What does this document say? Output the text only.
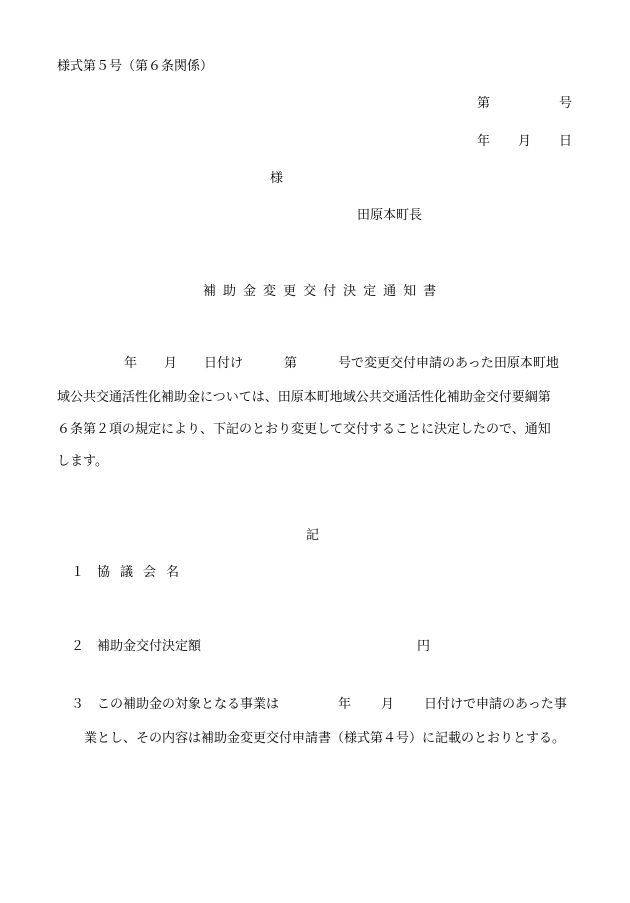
様式第５号（第６条関係）
第	号
年 月 日
様
田原本町長
補 助 金 変 更 交 付 決 定 通 知 書
年 月 日付け	第	号で変更交付申請のあった田原本町地
域公共交通活性化補助金については、田原本町地域公共交通活性化補助金交付要綱第
６条第２項の規定により、下記のとおり変更して交付することに決定したので、通知
します。
記
１ 協 議 会 名
２ 補助金交付決定額	円
３ この補助金の対象となる事業は	年 月 日付けで申請のあった事
業とし、その内容は補助金変更交付申請書（様式第４号）に記載のとおりとする。
